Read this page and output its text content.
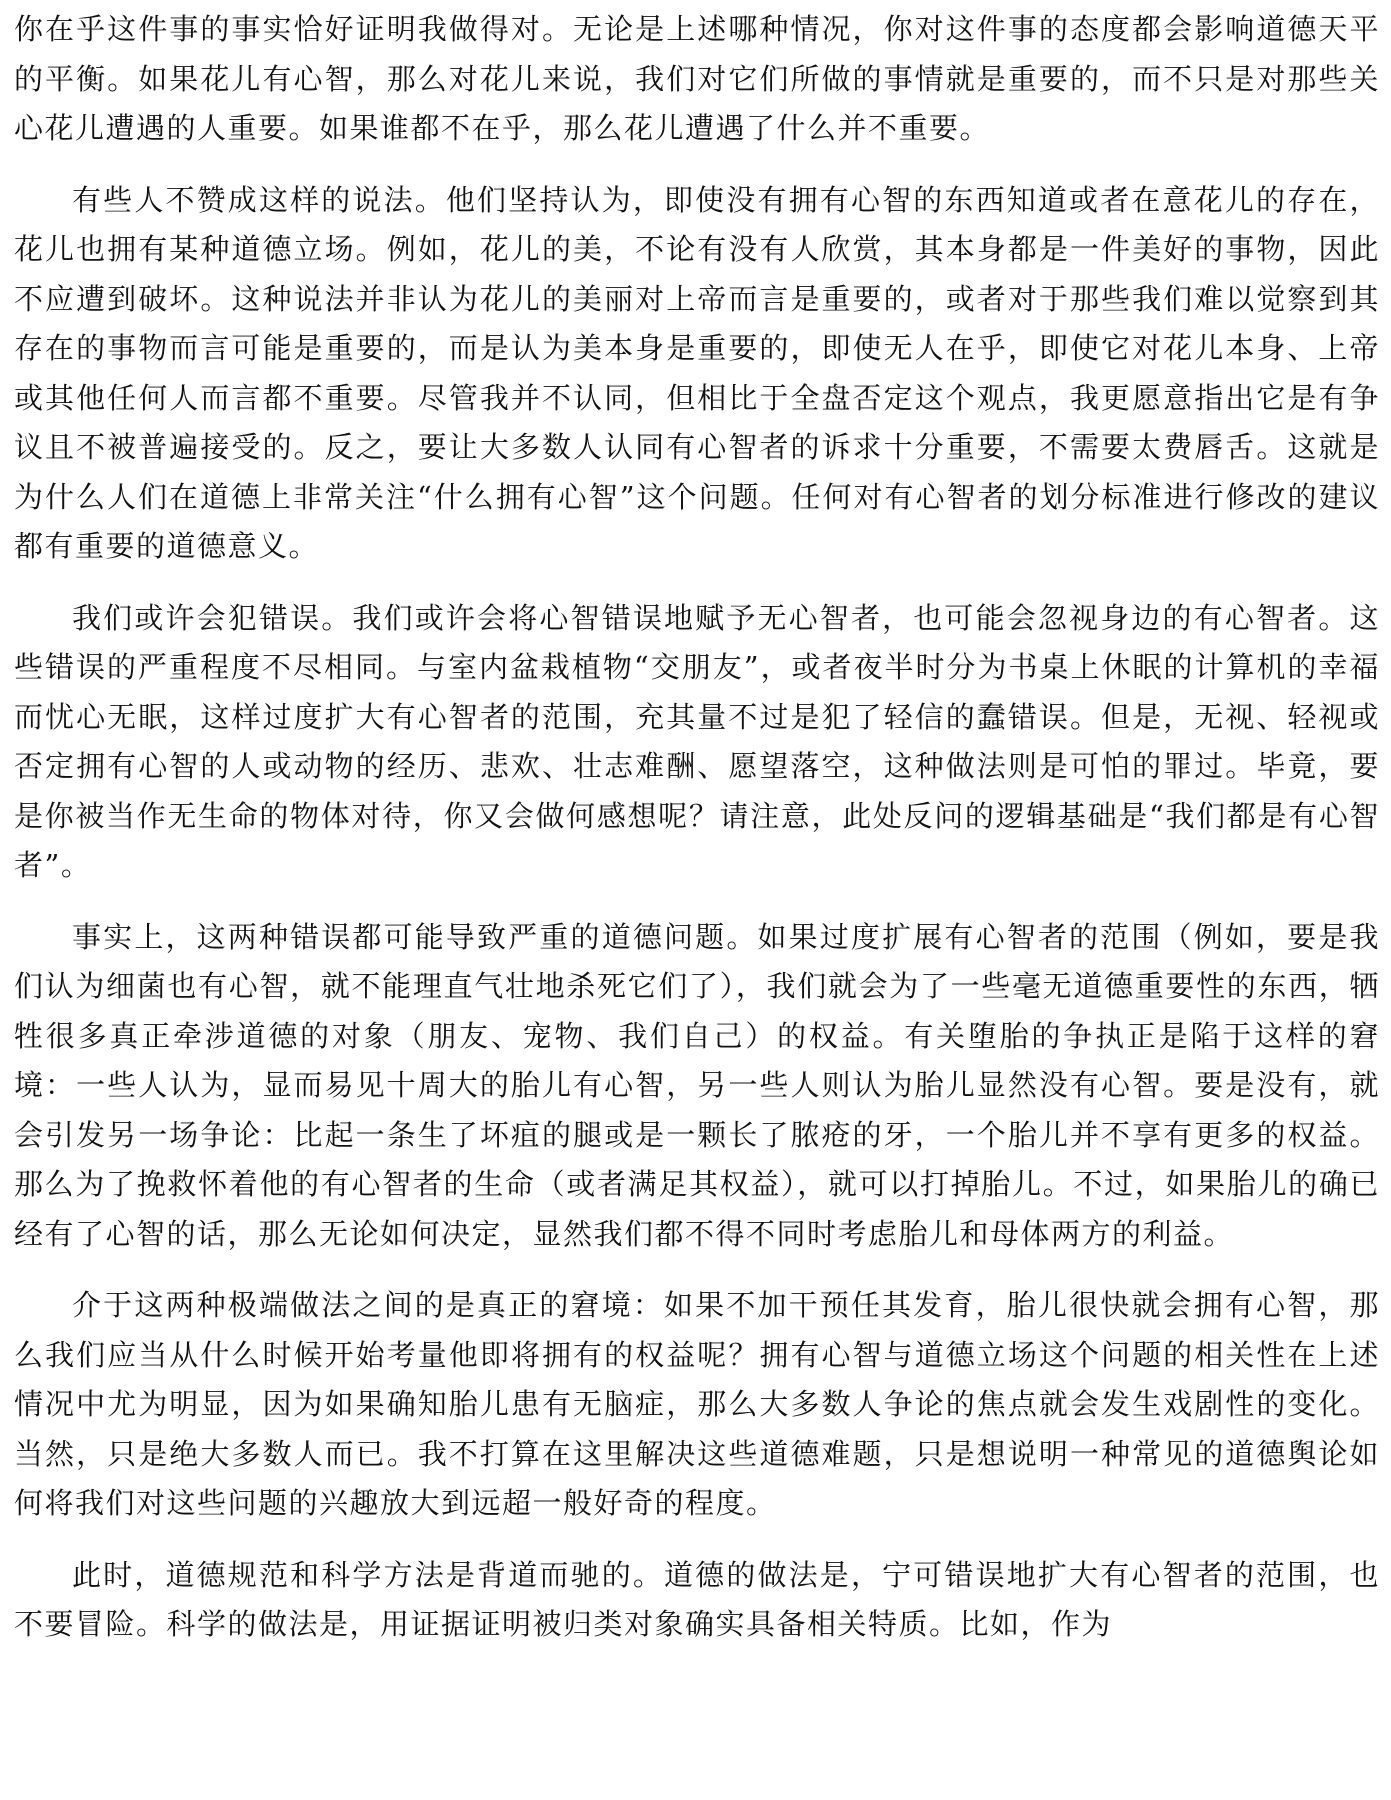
你在乎这件事的事实恰好证明我做得对。无论是上述哪种情况，你对这件事的态度都会影响道德天平的平衡。如果花儿有心智，那么对花儿来说，我们对它们所做的事情就是重要的，而不只是对那些关心花儿遭遇的人重要。如果谁都不在乎，那么花儿遭遇了什么并不重要。

有些人不赞成这样的说法。他们坚持认为，即使没有拥有心智的东西知道或者在意花儿的存在，花儿也拥有某种道德立场。例如，花儿的美，不论有没有人欣赏，其本身都是一件美好的事物，因此不应遭到破坏。这种说法并非认为花儿的美丽对上帝而言是重要的，或者对于那些我们难以觉察到其存在的事物而言可能是重要的，而是认为美本身是重要的，即使无人在乎，即使它对花儿本身、上帝或其他任何人而言都不重要。尽管我并不认同，但相比于全盘否定这个观点，我更愿意指出它是有争议且不被普遍接受的。反之，要让大多数人认同有心智者的诉求十分重要，不需要太费唇舌。这就是为什么人们在道德上非常关注“什么拥有心智”这个问题。任何对有心智者的划分标准进行修改的建议都有重要的道德意义。

我们或许会犯错误。我们或许会将心智错误地赋予无心智者，也可能会忽视身边的有心智者。这些错误的严重程度不尽相同。与室内盆栽植物“交朋友”，或者夜半时分为书桌上休眠的计算机的幸福而忧心无眠，这样过度扩大有心智者的范围，充其量不过是犯了轻信的蠢错误。但是，无视、轻视或否定拥有心智的人或动物的经历、悲欢、壮志难酬、愿望落空，这种做法则是可怕的罪过。毕竟，要是你被当作无生命的物体对待，你又会做何感想呢？请注意，此处反问的逻辑基础是“我们都是有心智者”。

事实上，这两种错误都可能导致严重的道德问题。如果过度扩展有心智者的范围（例如，要是我们认为细菌也有心智，就不能理直气壮地杀死它们了），我们就会为了一些毫无道德重要性的东西，牺牲很多真正牵涉道德的对象（朋友、宠物、我们自己）的权益。有关堕胎的争执正是陷于这样的窘境：一些人认为，显而易见十周大的胎儿有心智，另一些人则认为胎儿显然没有心智。要是没有，就会引发另一场争论：比起一条生了坏疽的腿或是一颗长了脓疮的牙，一个胎儿并不享有更多的权益。那么为了挽救怀着他的有心智者的生命（或者满足其权益），就可以打掉胎儿。不过，如果胎儿的确已经有了心智的话，那么无论如何决定，显然我们都不得不同时考虑胎儿和母体两方的利益。

介于这两种极端做法之间的是真正的窘境：如果不加干预任其发育，胎儿很快就会拥有心智，那么我们应当从什么时候开始考量他即将拥有的权益呢？拥有心智与道德立场这个问题的相关性在上述情况中尤为明显，因为如果确知胎儿患有无脑症，那么大多数人争论的焦点就会发生戏剧性的变化。当然，只是绝大多数人而已。我不打算在这里解决这些道德难题，只是想说明一种常见的道德舆论如何将我们对这些问题的兴趣放大到远超一般好奇的程度。

此时，道德规范和科学方法是背道而驰的。道德的做法是，宁可错误地扩大有心智者的范围，也不要冒险。科学的做法是，用证据证明被归类对象确实具备相关特质。比如，作为
